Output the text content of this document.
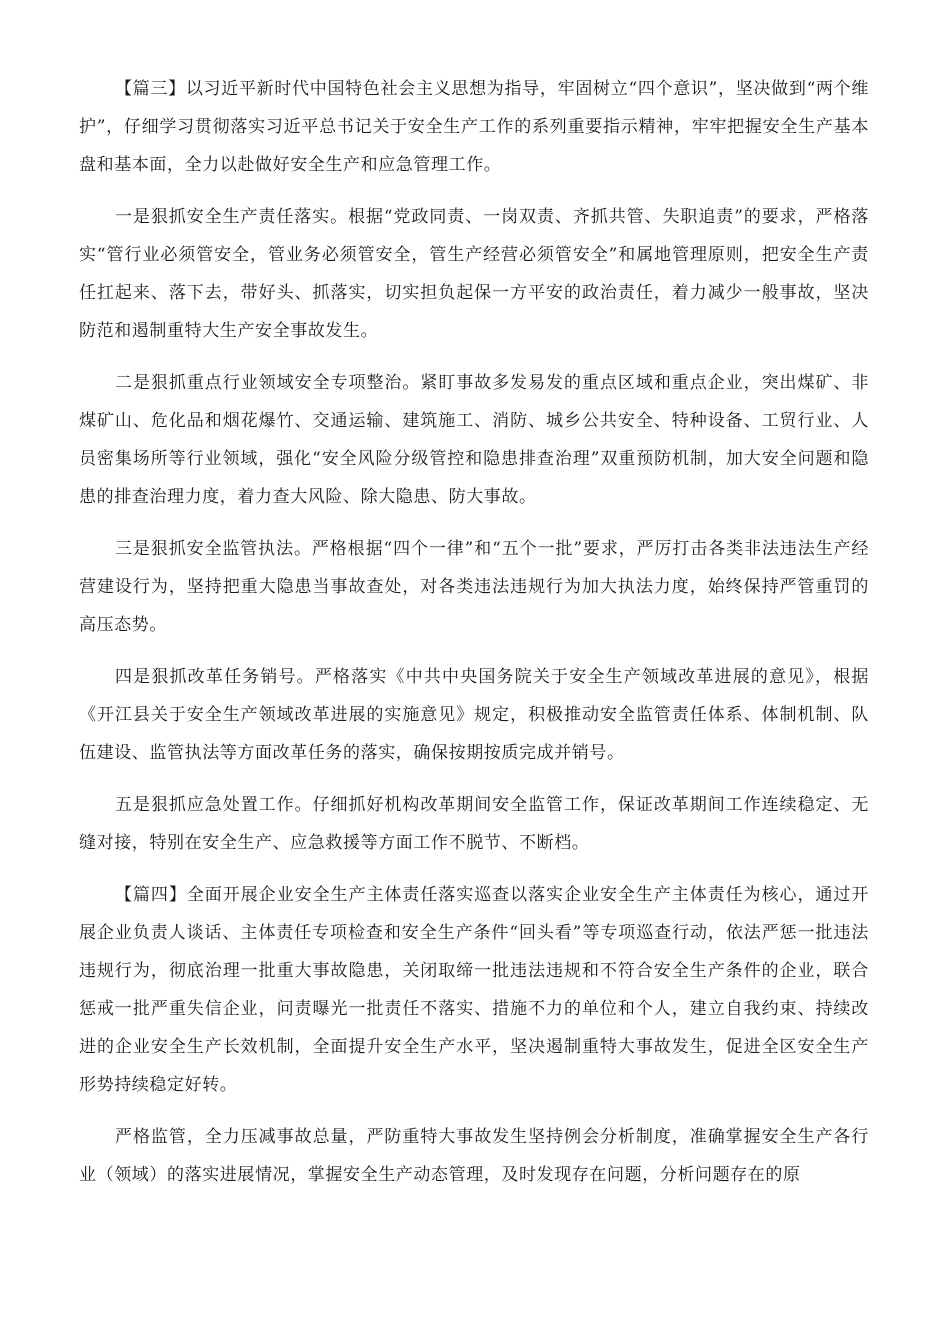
【篇三】以习近平新时代中国特色社会主义思想为指导，牢固树立“四个意识”，坚决做到“两个维护”，仔细学习贯彻落实习近平总书记关于安全生产工作的系列重要指示精神，牢牢把握安全生产基本盘和基本面，全力以赴做好安全生产和应急管理工作。

一是狠抓安全生产责任落实。根据“党政同责、一岗双责、齐抓共管、失职追责”的要求，严格落实“管行业必须管安全，管业务必须管安全，管生产经营必须管安全”和属地管理原则，把安全生产责任扛起来、落下去，带好头、抓落实，切实担负起保一方平安的政治责任，着力减少一般事故，坚决防范和遏制重特大生产安全事故发生。

二是狠抓重点行业领域安全专项整治。紧盯事故多发易发的重点区域和重点企业，突出煤矿、非煤矿山、危化品和烟花爆竹、交通运输、建筑施工、消防、城乡公共安全、特种设备、工贸行业、人员密集场所等行业领域，强化“安全风险分级管控和隐患排查治理”双重预防机制，加大安全问题和隐患的排查治理力度，着力查大风险、除大隐患、防大事故。

三是狠抓安全监管执法。严格根据“四个一律”和“五个一批”要求，严厉打击各类非法违法生产经营建设行为，坚持把重大隐患当事故查处，对各类违法违规行为加大执法力度，始终保持严管重罚的高压态势。

四是狠抓改革任务销号。严格落实《中共中央国务院关于安全生产领域改革进展的意见》，根据《开江县关于安全生产领域改革进展的实施意见》规定，积极推动安全监管责任体系、体制机制、队伍建设、监管执法等方面改革任务的落实，确保按期按质完成并销号。

五是狠抓应急处置工作。仔细抓好机构改革期间安全监管工作，保证改革期间工作连续稳定、无缝对接，特别在安全生产、应急救援等方面工作不脱节、不断档。

【篇四】全面开展企业安全生产主体责任落实巡查以落实企业安全生产主体责任为核心，通过开展企业负责人谈话、主体责任专项检查和安全生产条件“回头看”等专项巡查行动，依法严惩一批违法违规行为，彻底治理一批重大事故隐患，关闭取缔一批违法违规和不符合安全生产条件的企业，联合惩戒一批严重失信企业，问责曝光一批责任不落实、措施不力的单位和个人，建立自我约束、持续改进的企业安全生产长效机制，全面提升安全生产水平，坚决遏制重特大事故发生，促进全区安全生产形势持续稳定好转。

严格监管，全力压减事故总量，严防重特大事故发生坚持例会分析制度，准确掌握安全生产各行业（领域）的落实进展情况，掌握安全生产动态管理，及时发现存在问题，分析问题存在的原
